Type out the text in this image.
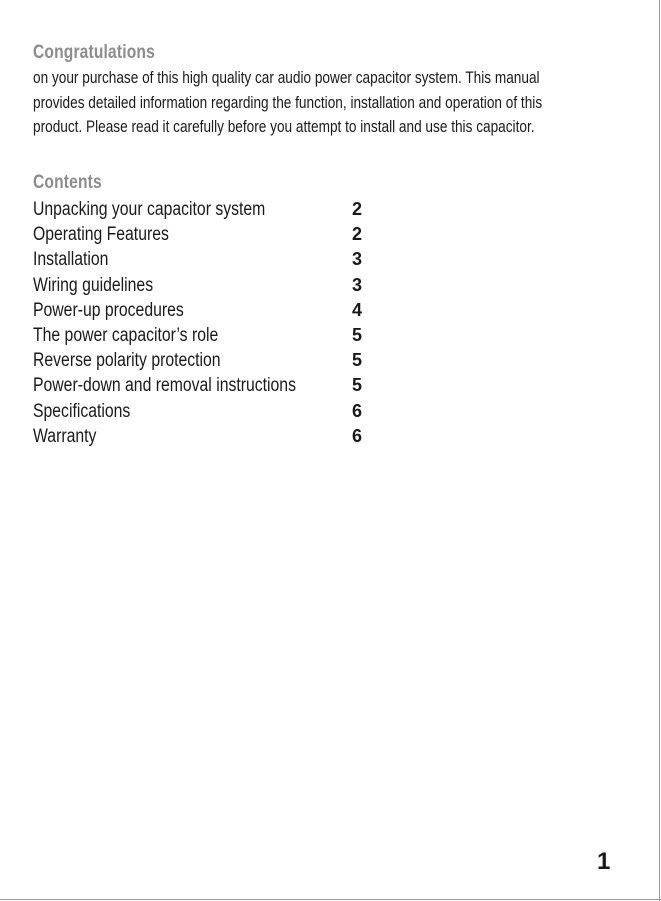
Congratulations
on your purchase of this high quality car audio power capacitor system. This manual
provides detailed information regarding the function, installation and operation of this
product. Please read it carefully before you attempt to install and use this capacitor.
Contents
Unpacking your capacitor system	2
Operating Features	2
Installation	3
Wiring guidelines	3
Power-up procedures	4
The power capacitor’s role	5
Reverse polarity protection	5
Power-down and removal instructions	5
Specifications	6
Warranty	6
1
